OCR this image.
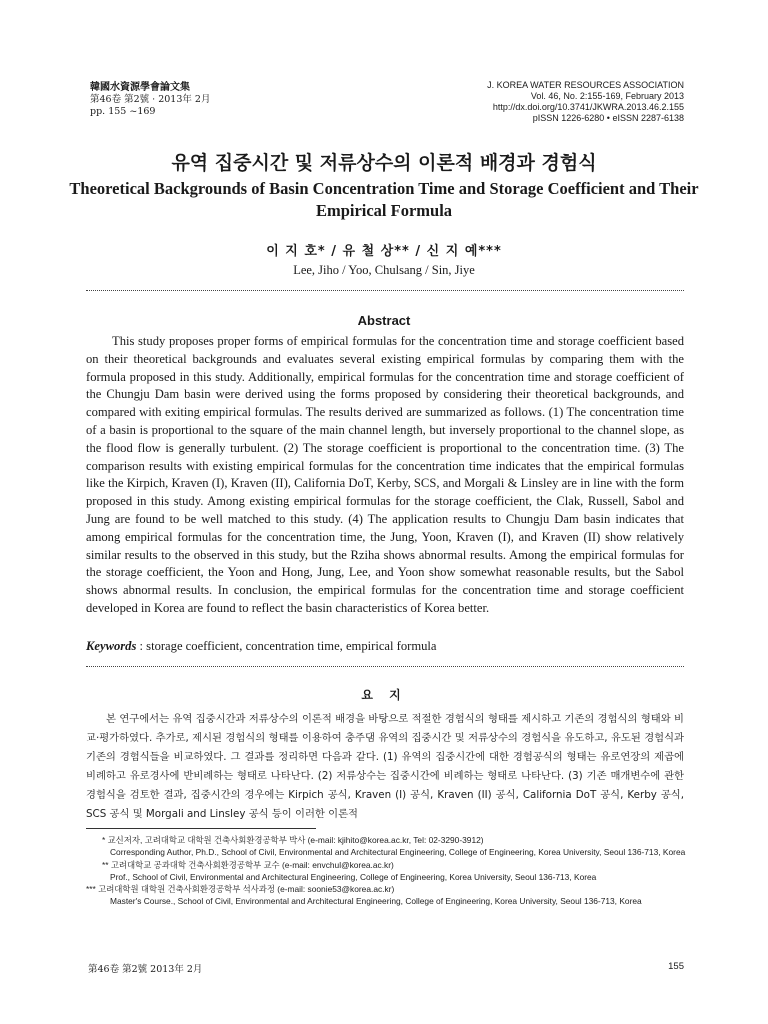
韓國水資源學會論文集
第46卷 第2號 · 2013年 2月
pp. 155 ~169
J. KOREA WATER RESOURCES ASSOCIATION
Vol. 46, No. 2:155-169, February 2013
http://dx.doi.org/10.3741/JKWRA.2013.46.2.155
pISSN 1226-6280 • eISSN 2287-6138
유역 집중시간 및 저류상수의 이론적 배경과 경험식
Theoretical Backgrounds of Basin Concentration Time and Storage Coefficient and Their Empirical Formula
이 지 호* / 유 철 상** / 신 지 예***
Lee, Jiho / Yoo, Chulsang / Sin, Jiye
Abstract
This study proposes proper forms of empirical formulas for the concentration time and storage coefficient based on their theoretical backgrounds and evaluates several existing empirical formulas by comparing them with the formula proposed in this study. Additionally, empirical formulas for the concentration time and storage coefficient of the Chungju Dam basin were derived using the forms proposed by considering their theoretical backgrounds, and compared with exiting empirical formulas. The results derived are summarized as follows. (1) The concentration time of a basin is proportional to the square of the main channel length, but inversely proportional to the channel slope, as the flood flow is generally turbulent. (2) The storage coefficient is proportional to the concentration time. (3) The comparison results with existing empirical formulas for the concentration time indicates that the empirical formulas like the Kirpich, Kraven (I), Kraven (II), California DoT, Kerby, SCS, and Morgali & Linsley are in line with the form proposed in this study. Among existing empirical formulas for the storage coefficient, the Clak, Russell, Sabol and Jung are found to be well matched to this study. (4) The application results to Chungju Dam basin indicates that among empirical formulas for the concentration time, the Jung, Yoon, Kraven (I), and Kraven (II) show relatively similar results to the observed in this study, but the Rziha shows abnormal results. Among the empirical formulas for the storage coefficient, the Yoon and Hong, Jung, Lee, and Yoon show somewhat reasonable results, but the Sabol shows abnormal results. In conclusion, the empirical formulas for the concentration time and storage coefficient developed in Korea are found to reflect the basin characteristics of Korea better.
Keywords : storage coefficient, concentration time, empirical formula
요 지
본 연구에서는 유역 집중시간과 저류상수의 이론적 배경을 바탕으로 적절한 경험식의 형태를 제시하고 기존의 경험식의 형태와 비교·평가하였다. 추가로, 제시된 경험식의 형태를 이용하여 충주댐 유역의 집중시간 및 저류상수의 경험식을 유도하고, 유도된 경험식과 기존의 경험식들을 비교하였다. 그 결과를 정리하면 다음과 같다. (1) 유역의 집중시간에 대한 경험공식의 형태는 유로연장의 제곱에 비례하고 유로경사에 반비례하는 형태로 나타난다. (2) 저류상수는 집중시간에 비례하는 형태로 나타난다. (3) 기존 매개변수에 관한 경험식을 검토한 결과, 집중시간의 경우에는 Kirpich 공식, Kraven (I) 공식, Kraven (II) 공식, California DoT 공식, Kerby 공식, SCS 공식 및 Morgali and Linsley 공식 등이 이러한 이론적
* 교신저자, 고려대학교 대학원 건축사회환경공학부 박사 (e-mail: kjihito@korea.ac.kr, Tel: 02-3290-3912)
Corresponding Author, Ph.D., School of Civil, Environmental and Architectural Engineering, College of Engineering, Korea University, Seoul 136-713, Korea
** 고려대학교 공과대학 건축사회환경공학부 교수 (e-mail: envchul@korea.ac.kr)
Prof., School of Civil, Environmental and Architectural Engineering, College of Engineering, Korea University, Seoul 136-713, Korea
*** 고려대학원 대학원 건축사회환경공학부 석사과정 (e-mail: soonie53@korea.ac.kr)
Master's Course., School of Civil, Environmental and Architectural Engineering, College of Engineering, Korea University, Seoul 136-713, Korea
第46卷 第2號 2013年 2月	155
